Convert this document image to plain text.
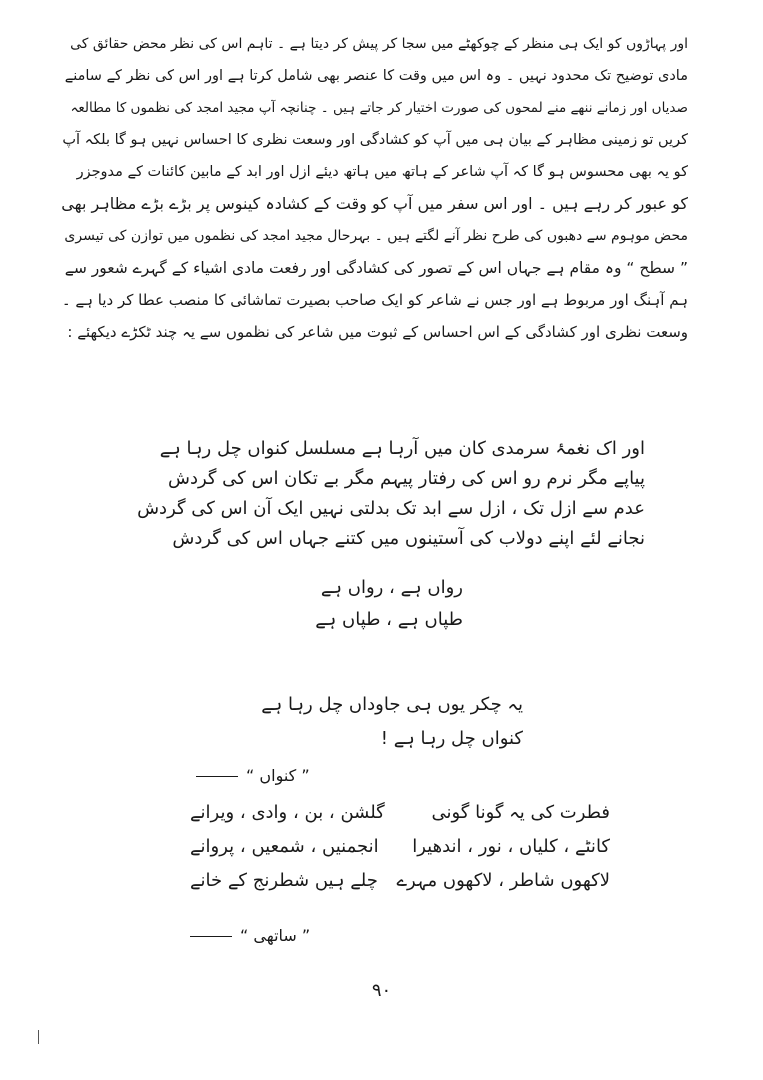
اور پہاڑوں کو ایک ہی منظر کے چوکھٹے میں سجا کر پیش کر دیتا ہے ۔ تاہم اس کی نظر محض حقائق کی
مادی توضیح تک محدود نہیں ۔ وہ اس میں وقت کا عنصر بھی شامل کرتا ہے اور اس کی نظر کے سامنے
صدیاں اور زمانے ننھے منے لمحوں کی صورت اختیار کر جاتے ہیں ۔ چنانچہ آپ مجید امجد کی نظموں کا مطالعہ
کریں تو زمینی مظاہر کے بیان ہی میں آپ کو کشادگی اور وسعت نظری کا احساس نہیں ہو گا بلکہ آپ
کو یہ بھی محسوس ہو گا کہ آپ شاعر کے ہاتھ میں ہاتھ دیئے ازل اور ابد کے مابین کائنات کے مدوجزر
کو عبور کر رہے ہیں ۔ اور اس سفر میں آپ کو وقت کے کشادہ کینوس پر بڑے بڑے مظاہر بھی
محض موہوم سے دھبوں کی طرح نظر آنے لگتے ہیں ۔ بہرحال مجید امجد کی نظموں میں توازن کی تیسری
” سطح “ وہ مقام ہے جہاں اس کے تصور کی کشادگی اور رفعت مادی اشیاء کے گہرے شعور سے
ہم آہنگ اور مربوط ہے اور جس نے شاعر کو ایک صاحب بصیرت تماشائی کا منصب عطا کر دیا ہے ۔
وسعت نظری اور کشادگی کے اس احساس کے ثبوت میں شاعر کی نظموں سے یہ چند ٹکڑے دیکھئے :
اور اک نغمۂ سرمدی کان میں آرہا ہے مسلسل کنواں چل رہا ہے
پیاپے مگر نرم رو اس کی رفتار پیہم مگر بے تکان اس کی گردش
عدم سے ازل تک ، ازل سے ابد تک بدلتی نہیں ایک آن اس کی گردش
نجانے لئے اپنے دولاب کی آستینوں میں کتنے جہاں اس کی گردش
رواں ہے ، رواں ہے
طپاں ہے ، طپاں ہے
یہ چکر یوں ہی جاوداں چل رہا ہے
کنواں چل رہا ہے !
” کنواں “
فطرت کی یہ گونا گونی
گلشن ، بن ، وادی ، ویرانے
کانٹے ، کلیاں ، نور ، اندھیرا
انجمنیں ، شمعیں ، پروانے
لاکھوں شاطر ، لاکھوں مہرے
چلے ہیں شطرنج کے خانے
” ساتھی “
۹۰
